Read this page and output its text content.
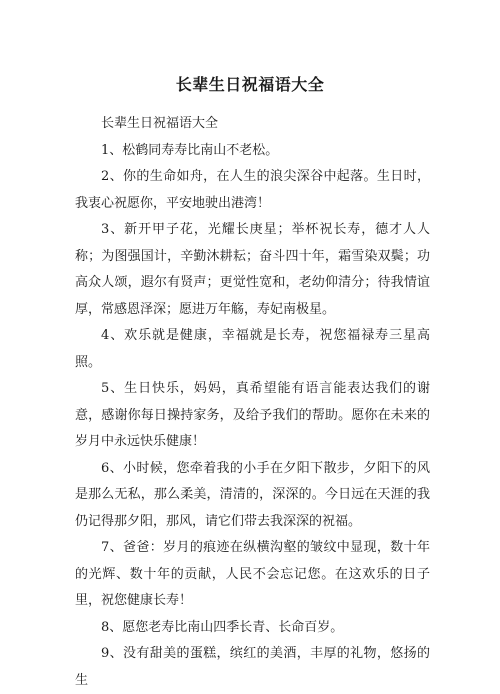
长辈生日祝福语大全

长辈生日祝福语大全

1、松鹤同寿寿比南山不老松。

2、你的生命如舟，在人生的浪尖深谷中起落。生日时，我衷心祝愿你，平安地驶出港湾！

3、新开甲子花，光耀长庚星；举杯祝长寿，德才人人称；为图强国计，辛勤沐耕耘；奋斗四十年，霜雪染双鬓；功高众人颂，遐尔有贤声；更觉性宽和，老幼仰清分；待我情谊厚，常感恩泽深；愿进万年觞，寿妃南极星。

4、欢乐就是健康，幸福就是长寿，祝您福禄寿三星高照。

5、生日快乐，妈妈，真希望能有语言能表达我们的谢意，感谢你每日操持家务，及给予我们的帮助。愿你在未来的岁月中永远快乐健康！

6、小时候，您牵着我的小手在夕阳下散步，夕阳下的风是那么无私，那么柔美，清清的，深深的。今日远在天涯的我仍记得那夕阳，那风，请它们带去我深深的祝福。

7、爸爸：岁月的痕迹在纵横沟壑的皱纹中显现，数十年的光辉、数十年的贡献，人民不会忘记您。在这欢乐的日子里，祝您健康长寿！

8、愿您老寿比南山四季长青、长命百岁。

9、没有甜美的蛋糕，缤红的美酒，丰厚的礼物，悠扬的生
